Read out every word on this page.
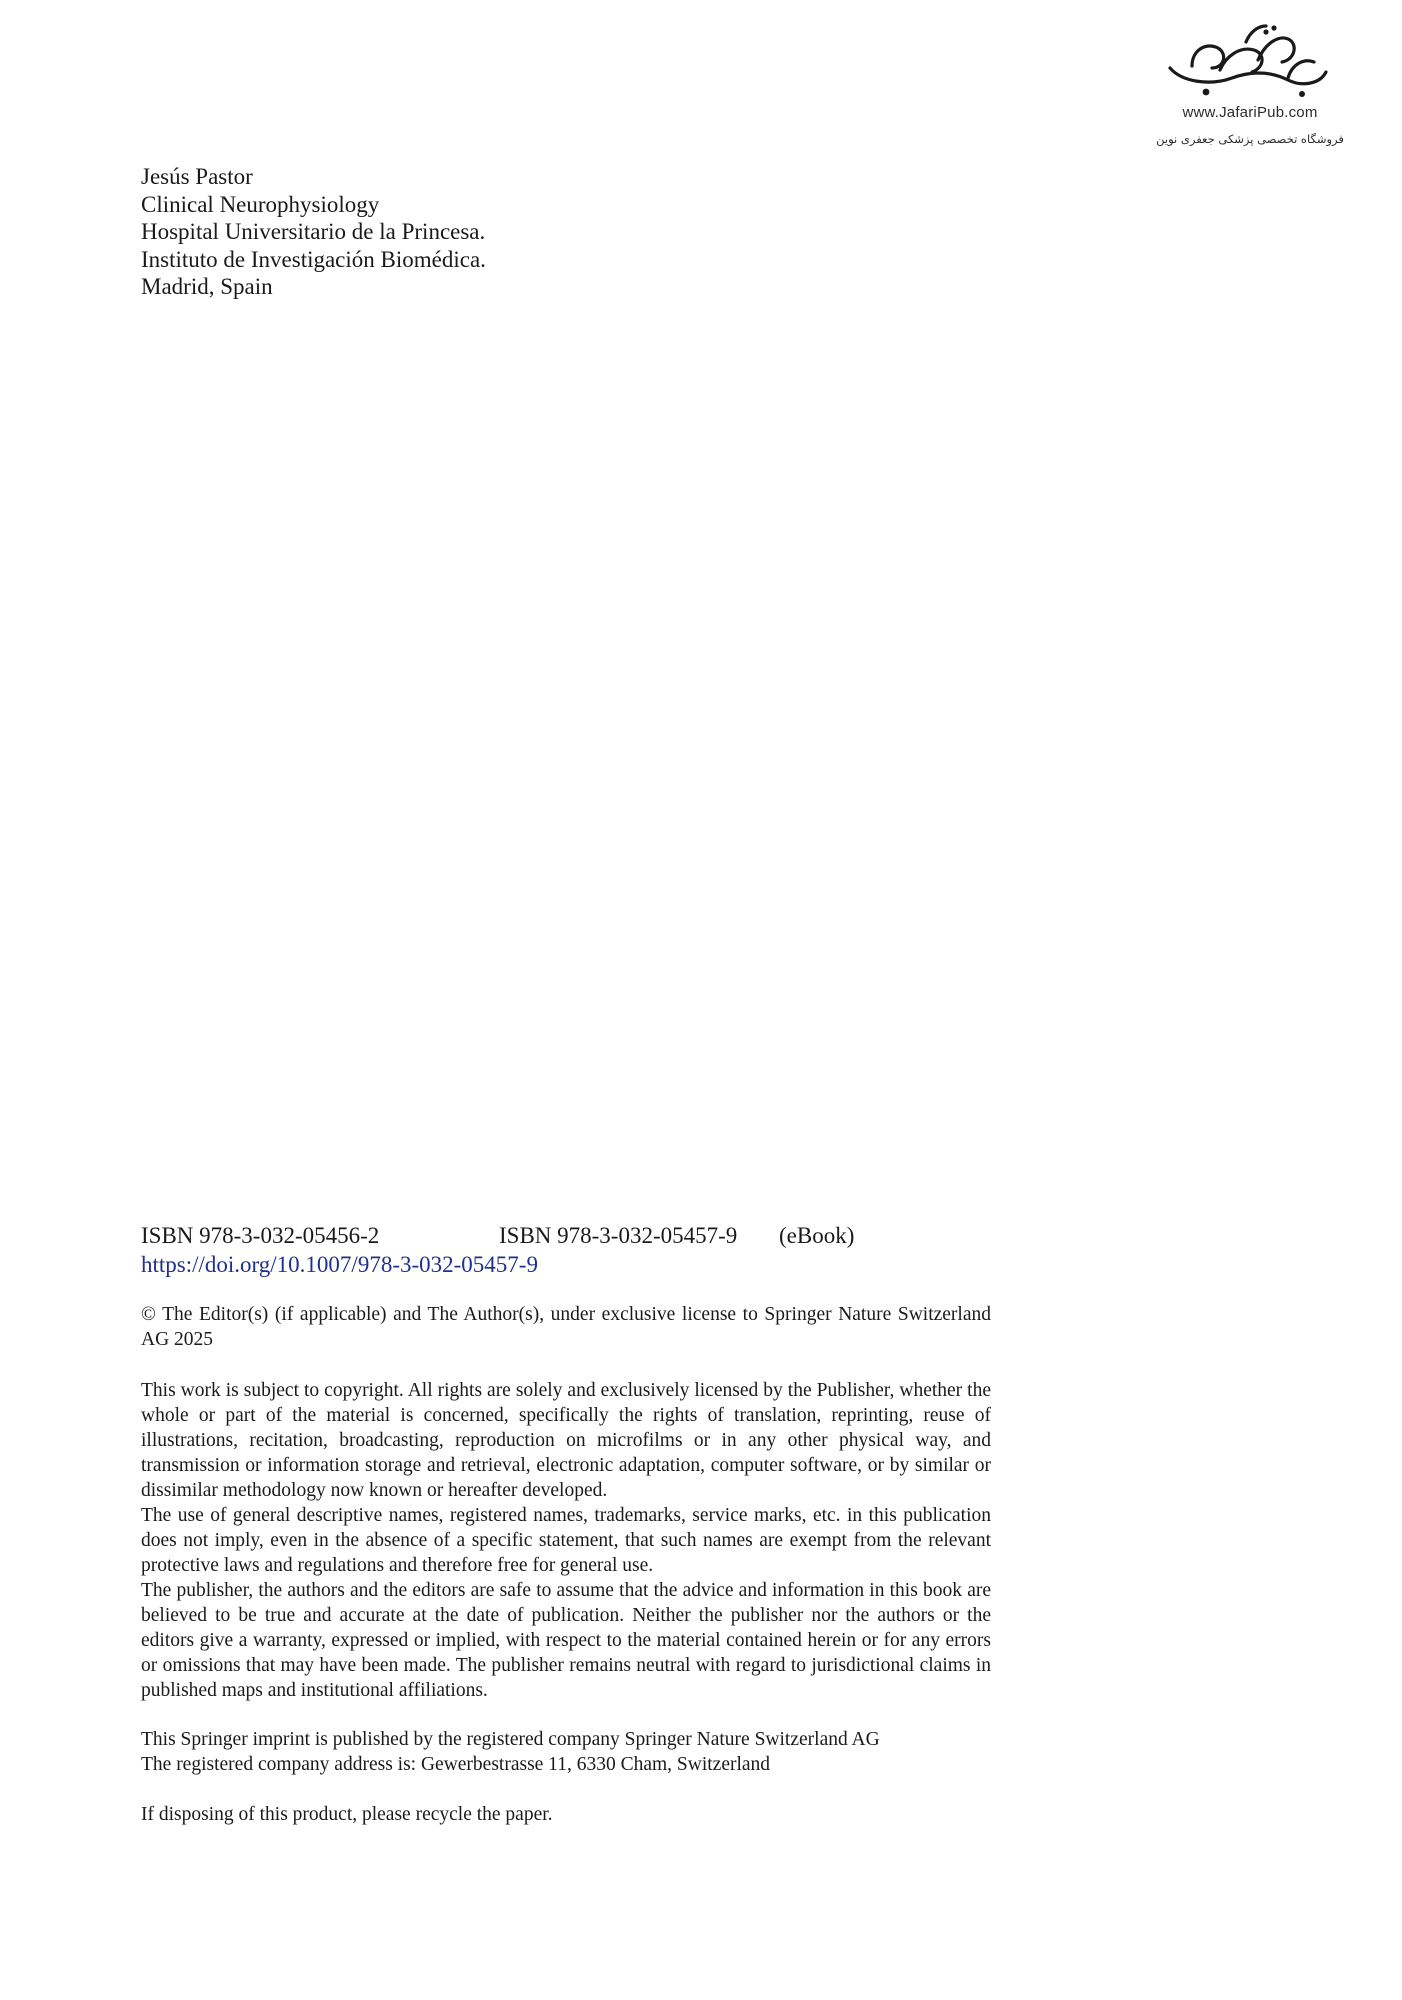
www.JafariPub.com
فروشگاه تخصصی پزشکی جعفری نوین
Jesús Pastor
Clinical Neurophysiology
Hospital Universitario de la Princesa.
Instituto de Investigación Biomédica.
Madrid, Spain
ISBN 978-3-032-05456-2	ISBN 978-3-032-05457-9 (eBook)
https://doi.org/10.1007/978-3-032-05457-9
© The Editor(s) (if applicable) and The Author(s), under exclusive license to Springer Nature Switzerland AG 2025

This work is subject to copyright. All rights are solely and exclusively licensed by the Publisher, whether the whole or part of the material is concerned, specifically the rights of translation, reprinting, reuse of illustrations, recitation, broadcasting, reproduction on microfilms or in any other physical way, and transmission or information storage and retrieval, electronic adaptation, computer software, or by similar or dissimilar methodology now known or hereafter developed.

The use of general descriptive names, registered names, trademarks, service marks, etc. in this publication does not imply, even in the absence of a specific statement, that such names are exempt from the relevant protective laws and regulations and therefore free for general use.

The publisher, the authors and the editors are safe to assume that the advice and information in this book are believed to be true and accurate at the date of publication. Neither the publisher nor the authors or the editors give a warranty, expressed or implied, with respect to the material contained herein or for any errors or omissions that may have been made. The publisher remains neutral with regard to jurisdictional claims in published maps and institutional affiliations.

This Springer imprint is published by the registered company Springer Nature Switzerland AG
The registered company address is: Gewerbestrasse 11, 6330 Cham, Switzerland
If disposing of this product, please recycle the paper.
